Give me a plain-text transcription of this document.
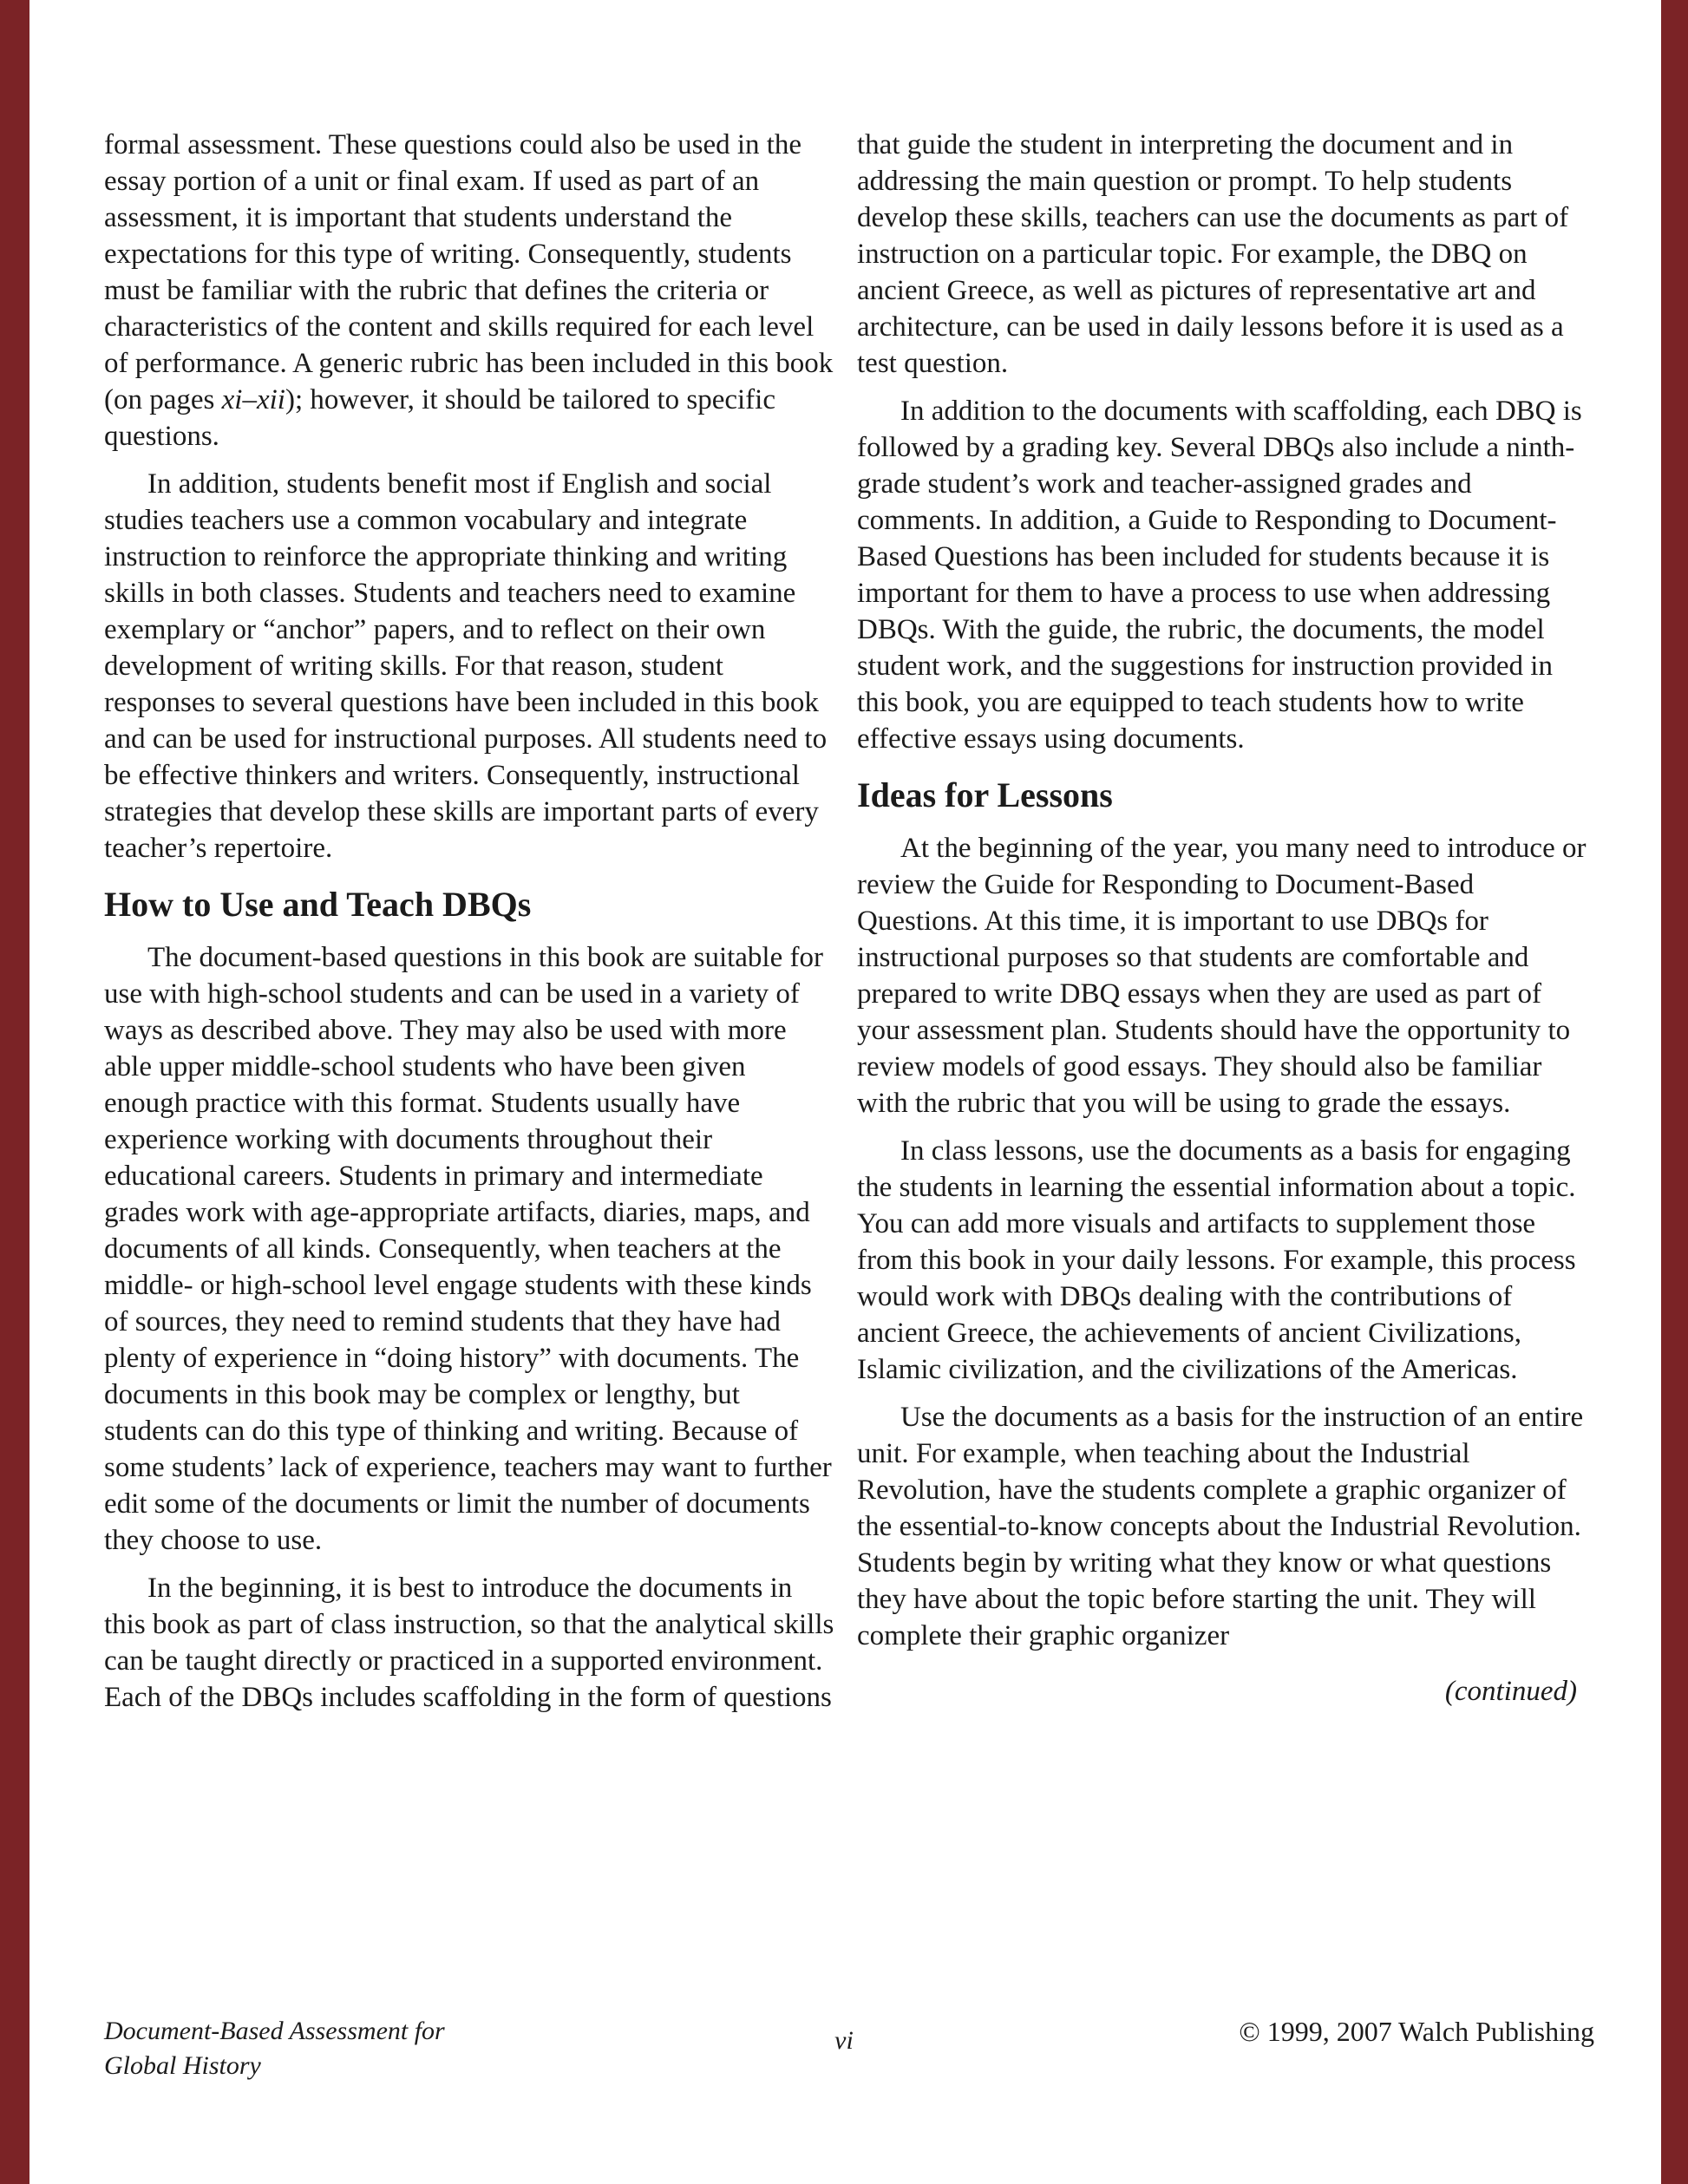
formal assessment. These questions could also be used in the essay portion of a unit or final exam. If used as part of an assessment, it is important that students understand the expectations for this type of writing. Consequently, students must be familiar with the rubric that defines the criteria or characteristics of the content and skills required for each level of performance. A generic rubric has been included in this book (on pages xi–xii); however, it should be tailored to specific questions.

In addition, students benefit most if English and social studies teachers use a common vocabulary and integrate instruction to reinforce the appropriate thinking and writing skills in both classes. Students and teachers need to examine exemplary or “anchor” papers, and to reflect on their own development of writing skills. For that reason, student responses to several questions have been included in this book and can be used for instructional purposes. All students need to be effective thinkers and writers. Consequently, instructional strategies that develop these skills are important parts of every teacher’s repertoire.

How to Use and Teach DBQs

The document-based questions in this book are suitable for use with high-school students and can be used in a variety of ways as described above. They may also be used with more able upper middle-school students who have been given enough practice with this format. Students usually have experience working with documents throughout their educational careers. Students in primary and intermediate grades work with age-appropriate artifacts, diaries, maps, and documents of all kinds. Consequently, when teachers at the middle- or high-school level engage students with these kinds of sources, they need to remind students that they have had plenty of experience in “doing history” with documents. The documents in this book may be complex or lengthy, but students can do this type of thinking and writing. Because of some students’ lack of experience, teachers may want to further edit some of the documents or limit the number of documents they choose to use.

In the beginning, it is best to introduce the documents in this book as part of class instruction, so that the analytical skills can be taught directly or practiced in a supported environment. Each of the DBQs includes scaffolding in the form of questions

that guide the student in interpreting the document and in addressing the main question or prompt. To help students develop these skills, teachers can use the documents as part of instruction on a particular topic. For example, the DBQ on ancient Greece, as well as pictures of representative art and architecture, can be used in daily lessons before it is used as a test question.

In addition to the documents with scaffolding, each DBQ is followed by a grading key. Several DBQs also include a ninth-grade student’s work and teacher-assigned grades and comments. In addition, a Guide to Responding to Document-Based Questions has been included for students because it is important for them to have a process to use when addressing DBQs. With the guide, the rubric, the documents, the model student work, and the suggestions for instruction provided in this book, you are equipped to teach students how to write effective essays using documents.

Ideas for Lessons

At the beginning of the year, you many need to introduce or review the Guide for Responding to Document-Based Questions. At this time, it is important to use DBQs for instructional purposes so that students are comfortable and prepared to write DBQ essays when they are used as part of your assessment plan. Students should have the opportunity to review models of good essays. They should also be familiar with the rubric that you will be using to grade the essays.

In class lessons, use the documents as a basis for engaging the students in learning the essential information about a topic. You can add more visuals and artifacts to supplement those from this book in your daily lessons. For example, this process would work with DBQs dealing with the contributions of ancient Greece, the achievements of ancient Civilizations, Islamic civilization, and the civilizations of the Americas.

Use the documents as a basis for the instruction of an entire unit. For example, when teaching about the Industrial Revolution, have the students complete a graphic organizer of the essential-to-know concepts about the Industrial Revolution. Students begin by writing what they know or what questions they have about the topic before starting the unit. They will complete their graphic organizer

(continued)
Document-Based Assessment for
Global History
vi	© 1999, 2007 Walch Publishing
